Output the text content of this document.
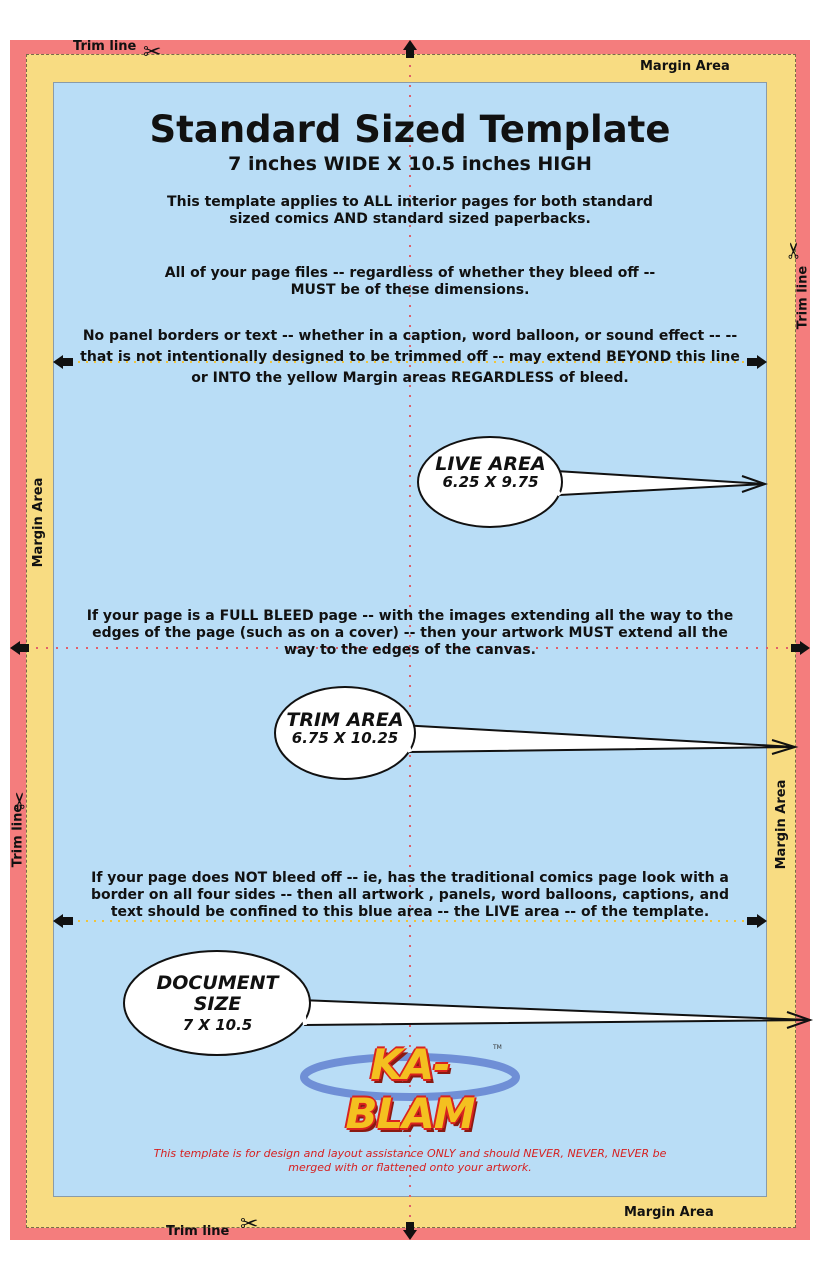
✂
✂
✂
✂
Trim line
Trim line
Trim line
Trim line
Margin Area
Margin Area
Margin Area
Margin Area
Standard Sized Template
7 inches WIDE X 10.5 inches HIGH
This template applies to ALL interior pages for both standard sized comics AND standard sized paperbacks.
All of your page files -- regardless of whether they bleed off -- MUST be of these dimensions.
No panel borders or text -- whether in a caption, word balloon, or sound effect -- -- that is not intentionally designed to be trimmed off -- may extend BEYOND this line or INTO the yellow Margin areas REGARDLESS of bleed.
If your page is a FULL BLEED page -- with the images extending all the way to the edges of the page (such as on a cover) -- then your artwork MUST extend all the way to the edges of the canvas.
If your page does NOT bleed off -- ie, has the traditional comics page look with a border on all four sides -- then all artwork , panels, word balloons, captions, and text should be confined to this blue area -- the LIVE area -- of the template.
LIVE AREA
6.25 X 9.75
TRIM AREA
6.75 X 10.25
DOCUMENT
SIZE
7 X 10.5
KA-BLAM
TM
This template is for design and layout assistance ONLY and should NEVER, NEVER, NEVER be merged with or flattened onto your artwork.
